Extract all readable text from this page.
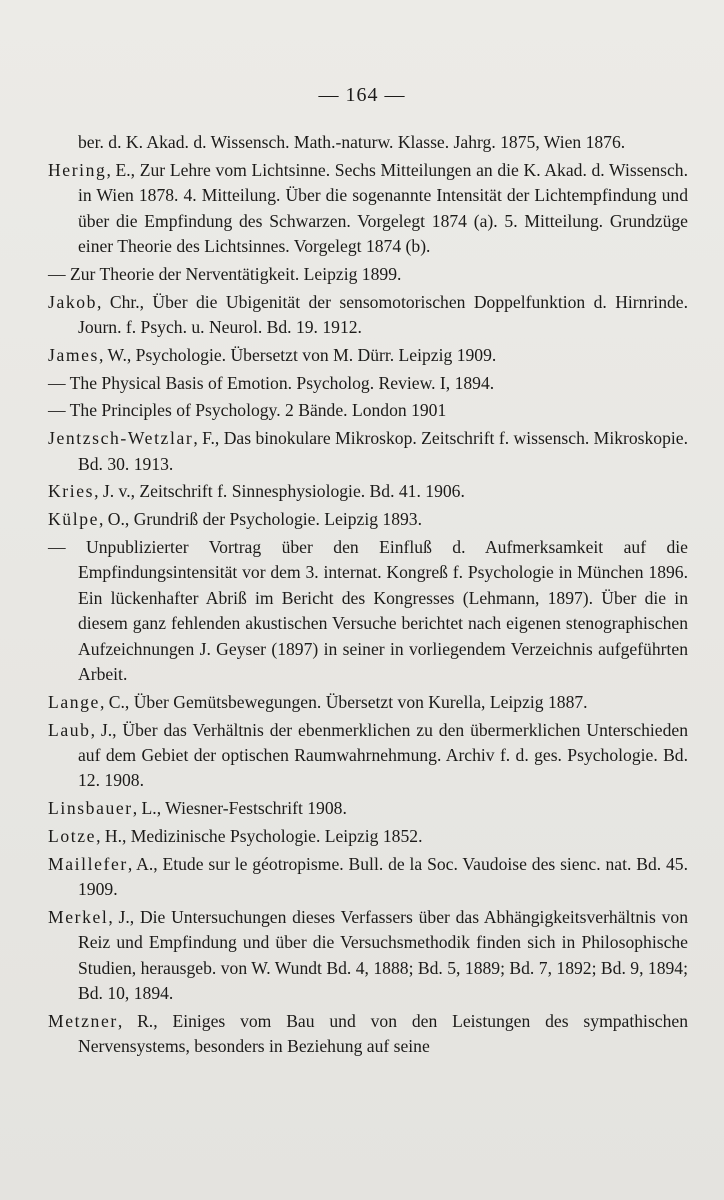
— 164 —

ber. d. K. Akad. d. Wissensch. Math.-naturw. Klasse. Jahrg. 1875, Wien 1876.

Hering, E., Zur Lehre vom Lichtsinne. Sechs Mitteilungen an die K. Akad. d. Wissensch. in Wien 1878. 4. Mitteilung. Über die sogenannte Intensität der Lichtempfindung und über die Empfindung des Schwarzen. Vorgelegt 1874 (a). 5. Mitteilung. Grundzüge einer Theorie des Lichtsinnes. Vorgelegt 1874 (b).

— Zur Theorie der Nerventätigkeit. Leipzig 1899.

Jakob, Chr., Über die Ubigenität der sensomotorischen Doppelfunktion d. Hirnrinde. Journ. f. Psych. u. Neurol. Bd. 19. 1912.

James, W., Psychologie. Übersetzt von M. Dürr. Leipzig 1909.

— The Physical Basis of Emotion. Psycholog. Review. I, 1894.

— The Principles of Psychology. 2 Bände. London 1901

Jentzsch-Wetzlar, F., Das binokulare Mikroskop. Zeitschrift f. wissensch. Mikroskopie. Bd. 30. 1913.

Kries, J. v., Zeitschrift f. Sinnesphysiologie. Bd. 41. 1906.

Külpe, O., Grundriß der Psychologie. Leipzig 1893.

— Unpublizierter Vortrag über den Einfluß d. Aufmerksamkeit auf die Empfindungsintensität vor dem 3. internat. Kongreß f. Psychologie in München 1896. Ein lückenhafter Abriß im Bericht des Kongresses (Lehmann, 1897). Über die in diesem ganz fehlenden akustischen Versuche berichtet nach eigenen stenographischen Aufzeichnungen J. Geyser (1897) in seiner in vorliegendem Verzeichnis aufgeführten Arbeit.

Lange, C., Über Gemütsbewegungen. Übersetzt von Kurella, Leipzig 1887.

Laub, J., Über das Verhältnis der ebenmerklichen zu den übermerklichen Unterschieden auf dem Gebiet der optischen Raumwahrnehmung. Archiv f. d. ges. Psychologie. Bd. 12. 1908.

Linsbauer, L., Wiesner-Festschrift 1908.

Lotze, H., Medizinische Psychologie. Leipzig 1852.

Maillefer, A., Etude sur le géotropisme. Bull. de la Soc. Vaudoise des sienc. nat. Bd. 45. 1909.

Merkel, J., Die Untersuchungen dieses Verfassers über das Abhängigkeitsverhältnis von Reiz und Empfindung und über die Versuchsmethodik finden sich in Philosophische Studien, herausgeb. von W. Wundt Bd. 4, 1888; Bd. 5, 1889; Bd. 7, 1892; Bd. 9, 1894; Bd. 10, 1894.

Metzner, R., Einiges vom Bau und von den Leistungen des sympathischen Nervensystems, besonders in Beziehung auf seine
